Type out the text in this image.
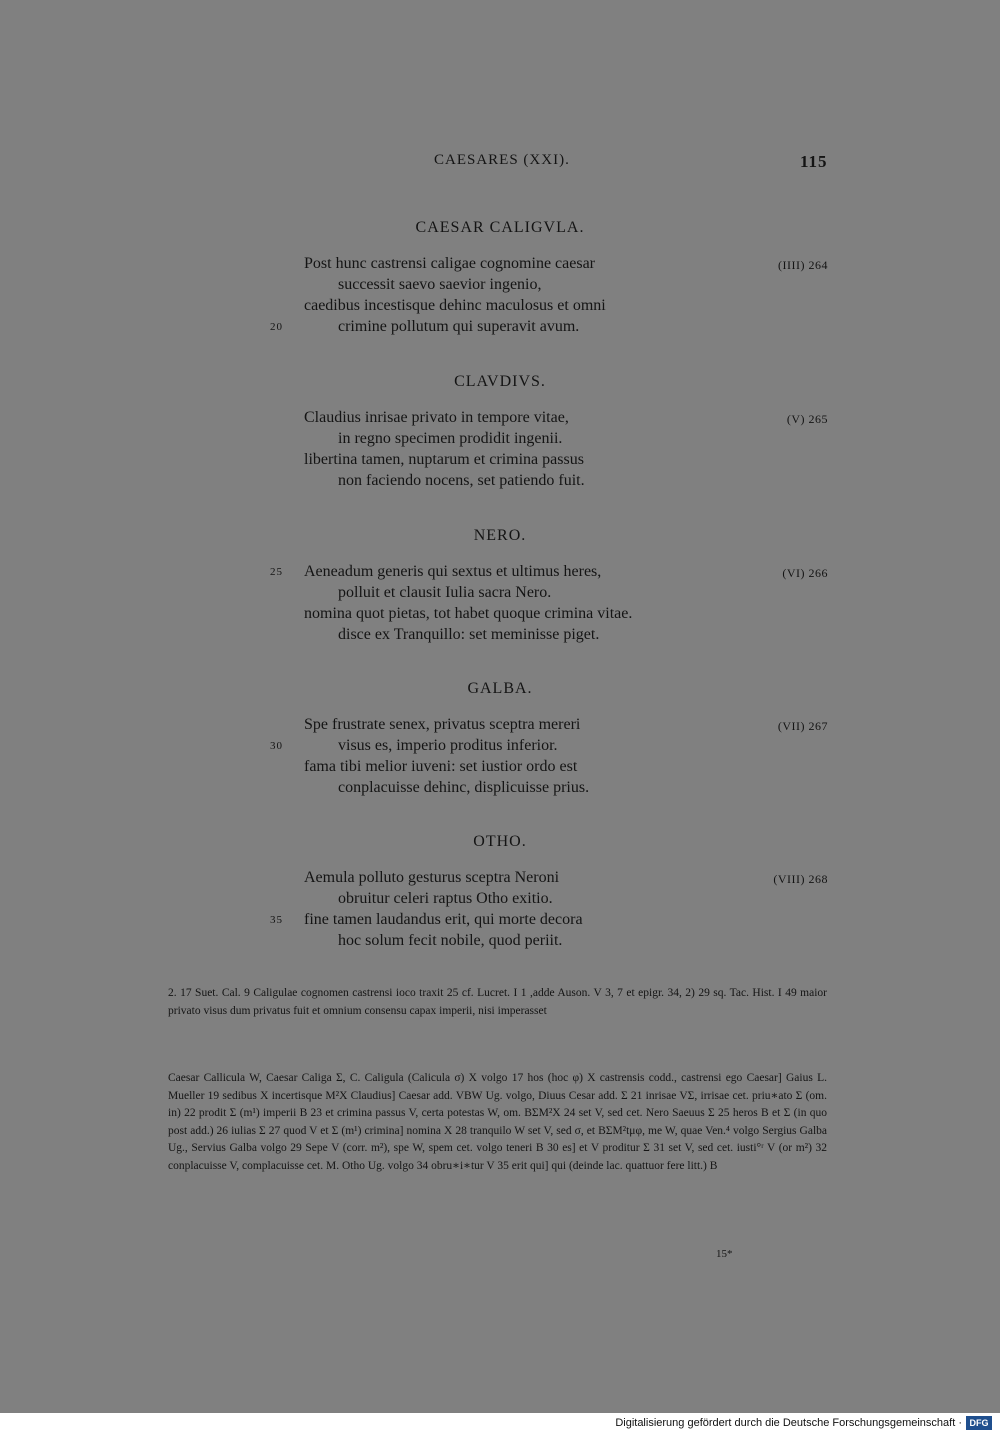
CAESARES (XXI).	115
CAESAR CALIGVLA.
(IIII) 264
Post hunc castrensi caligae cognomine caesar
successit saevo saevior ingenio,
caedibus incestisque dehinc maculosus et omni
20	crimine pollutum qui superavit avum.
CLAVDIVS.
(V) 265
Claudius inrisae privato in tempore vitae,
in regno specimen prodidit ingenii.
libertina tamen, nuptarum et crimina passus
non faciendo nocens, set patiendo fuit.
NERO.
25	(VI) 266
Aeneadum generis qui sextus et ultimus heres,
polluit et clausit Iulia sacra Nero.
nomina quot pietas, tot habet quoque crimina vitae.
disce ex Tranquillo: set meminisse piget.
GALBA.
(VII) 267
Spe frustrate senex, privatus sceptra mereri
30	visus es, imperio proditus inferior.
fama tibi melior iuveni: set iustior ordo est
conplacuisse dehinc, displicuisse prius.
OTHO.
(VIII) 268
Aemula polluto gesturus sceptra Neroni
obruitur celeri raptus Otho exitio.
35 fine tamen laudandus erit, qui morte decora
hoc solum fecit nobile, quod periit.
2. 17 Suet. Cal. 9 Caligulae cognomen castrensi ioco traxit 25 cf. Lucret. I 1 ,adde Auson. V 3, 7 et epigr. 34, 2) 29 sq. Tac. Hist. I 49 maior privato visus dum privatus fuit et omnium consensu capax imperii, nisi imperasset
Caesar Callicula W, Caesar Caliga Σ, C. Caligula (Calicula σ) X volgo 17 hos (hoc φ) X castrensis codd., castrensi ego Caesar] Gaius L. Mueller 19 sedibus X incertisque M²X Claudius] Caesar add. VBW Ug. volgo, Diuus Cesar add. Σ 21 inrisae VΣ, irrisae cet. priu∗ato Σ (om. in) 22 prodit Σ (m¹) imperii B 23 et crimina passus V, certa potestas W, om. BΣM²X 24 set V, sed cet. Nero Saeuus Σ 25 heros B et Σ (in quo post add.) 26 iulias Σ 27 quod V et Σ (m¹) crimina] nomina X 28 tranquilo W set V, sed σ, et BΣM²tμφ, me W, quae Ven.⁴ volgo Sergius Galba Ug., Servius Galba volgo 29 Sepe V (corr. m²), spe W, spem cet. volgo teneri B 30 es] et V proditur Σ 31 set V, sed cet. iusti°ʳ V (or m²) 32 conplacuisse V, complacuisse cet. M. Otho Ug. volgo 34 obru∗i∗tur V 35 erit qui] qui (deinde lac. quattuor fere litt.) B
15*
Digitalisierung gefördert durch die Deutsche Forschungsgemeinschaft · DFG
